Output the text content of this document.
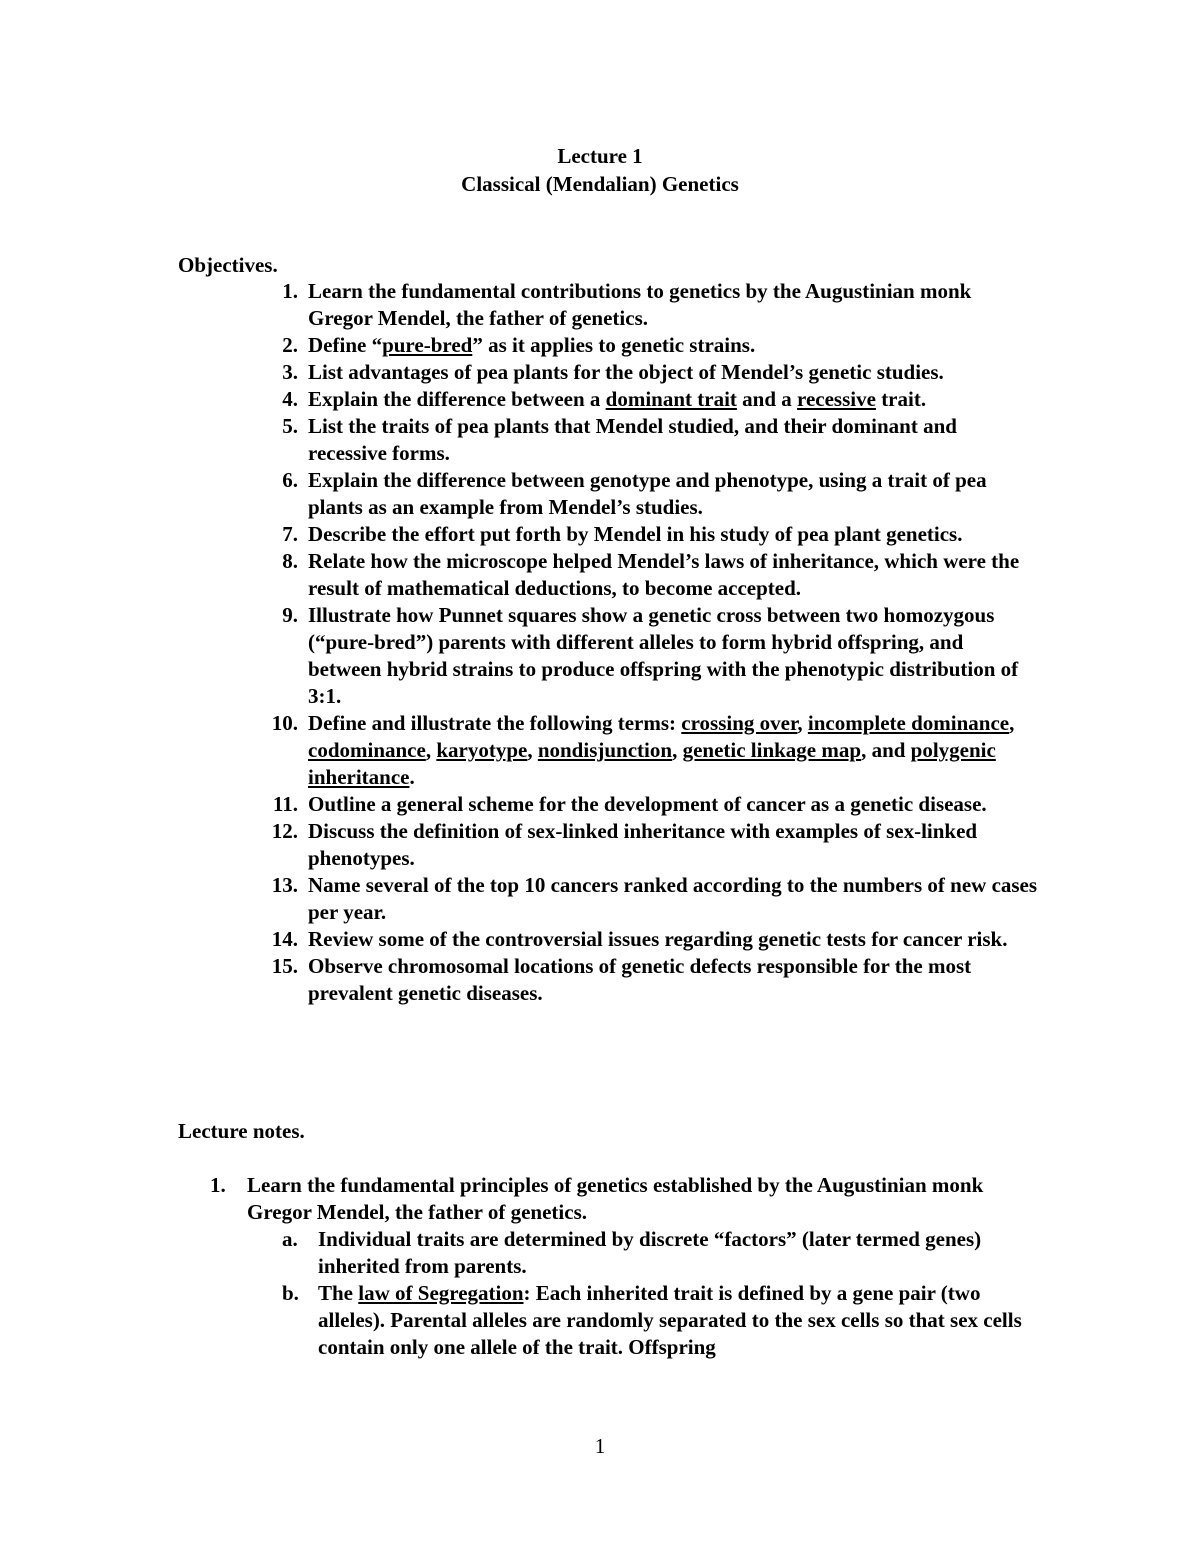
Lecture 1
Classical (Mendalian) Genetics
Objectives.
1. Learn the fundamental contributions to genetics by the Augustinian monk Gregor Mendel, the father of genetics.
2. Define “pure-bred” as it applies to genetic strains.
3. List advantages of pea plants for the object of Mendel’s genetic studies.
4. Explain the difference between a dominant trait and a recessive trait.
5. List the traits of pea plants that Mendel studied, and their dominant and recessive forms.
6. Explain the difference between genotype and phenotype, using a trait of pea plants as an example from Mendel’s studies.
7. Describe the effort put forth by Mendel in his study of pea plant genetics.
8. Relate how the microscope helped Mendel’s laws of inheritance, which were the result of mathematical deductions, to become accepted.
9. Illustrate how Punnet squares show a genetic cross between two homozygous (“pure-bred”) parents with different alleles to form hybrid offspring, and between hybrid strains to produce offspring with the phenotypic distribution of 3:1.
10. Define and illustrate the following terms: crossing over, incomplete dominance, codominance, karyotype, nondisjunction, genetic linkage map, and polygenic inheritance.
11. Outline a general scheme for the development of cancer as a genetic disease.
12. Discuss the definition of sex-linked inheritance with examples of sex-linked phenotypes.
13. Name several of the top 10 cancers ranked according to the numbers of new cases per year.
14. Review some of the controversial issues regarding genetic tests for cancer risk.
15. Observe chromosomal locations of genetic defects responsible for the most prevalent genetic diseases.
Lecture notes.
1. Learn the fundamental principles of genetics established by the Augustinian monk Gregor Mendel, the father of genetics.
a. Individual traits are determined by discrete “factors” (later termed genes) inherited from parents.
b. The law of Segregation: Each inherited trait is defined by a gene pair (two alleles). Parental alleles are randomly separated to the sex cells so that sex cells contain only one allele of the trait. Offspring
1
